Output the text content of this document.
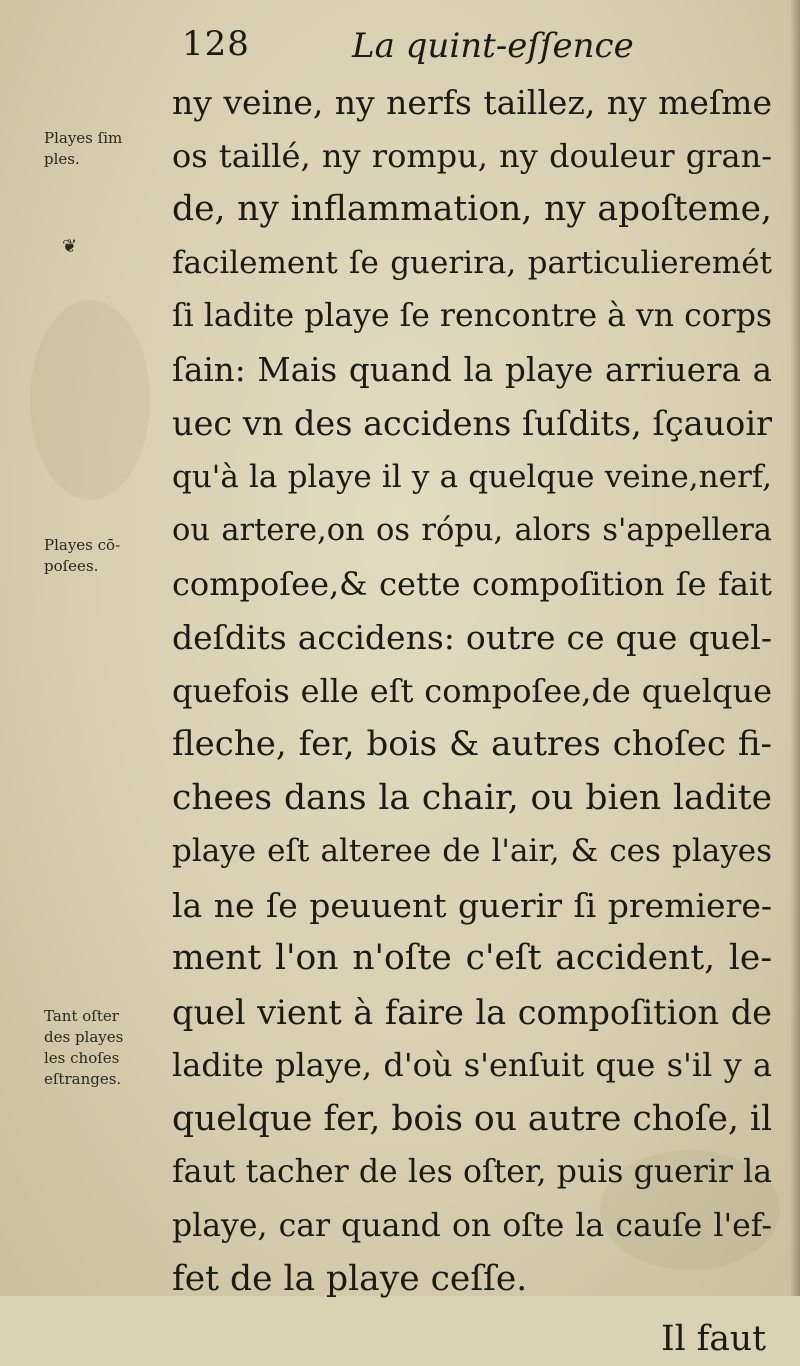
128	La quint-eſſence
Playes ſim
ples.
❦
Playes cō-
poſees.
Tant oſter
des playes
les choſes
eſtranges.
ny veine, ny nerfs taillez, ny meſme
os taillé, ny rompu, ny douleur gran-
de, ny inflammation, ny apoſteme,
facilement ſe guerira, particulieremét
ſi ladite playe ſe rencontre à vn corps
ſain: Mais quand la playe arriuera a
uec vn des accidens ſuſdits, ſçauoir
qu'à la playe il y a quelque veine,nerf,
ou artere,on os rópu, alors s'appellera
compoſee,& cette compoſition ſe fait
deſdits accidens: outre ce que quel-
quefois elle eſt compoſee,de quelque
fleche, fer, bois & autres choſec fi-
chees dans la chair, ou bien ladite
playe eſt alteree de l'air, & ces playes
la ne ſe peuuent guerir ſi premiere-
ment l'on n'oſte c'eſt accident, le-
quel vient à faire la compoſition de
ladite playe, d'où s'enſuit que s'il y a
quelque fer, bois ou autre choſe, il
faut tacher de les oſter, puis guerir la
playe, car quand on oſte la cauſe l'ef-
fet de la playe ceſſe.
Il faut
